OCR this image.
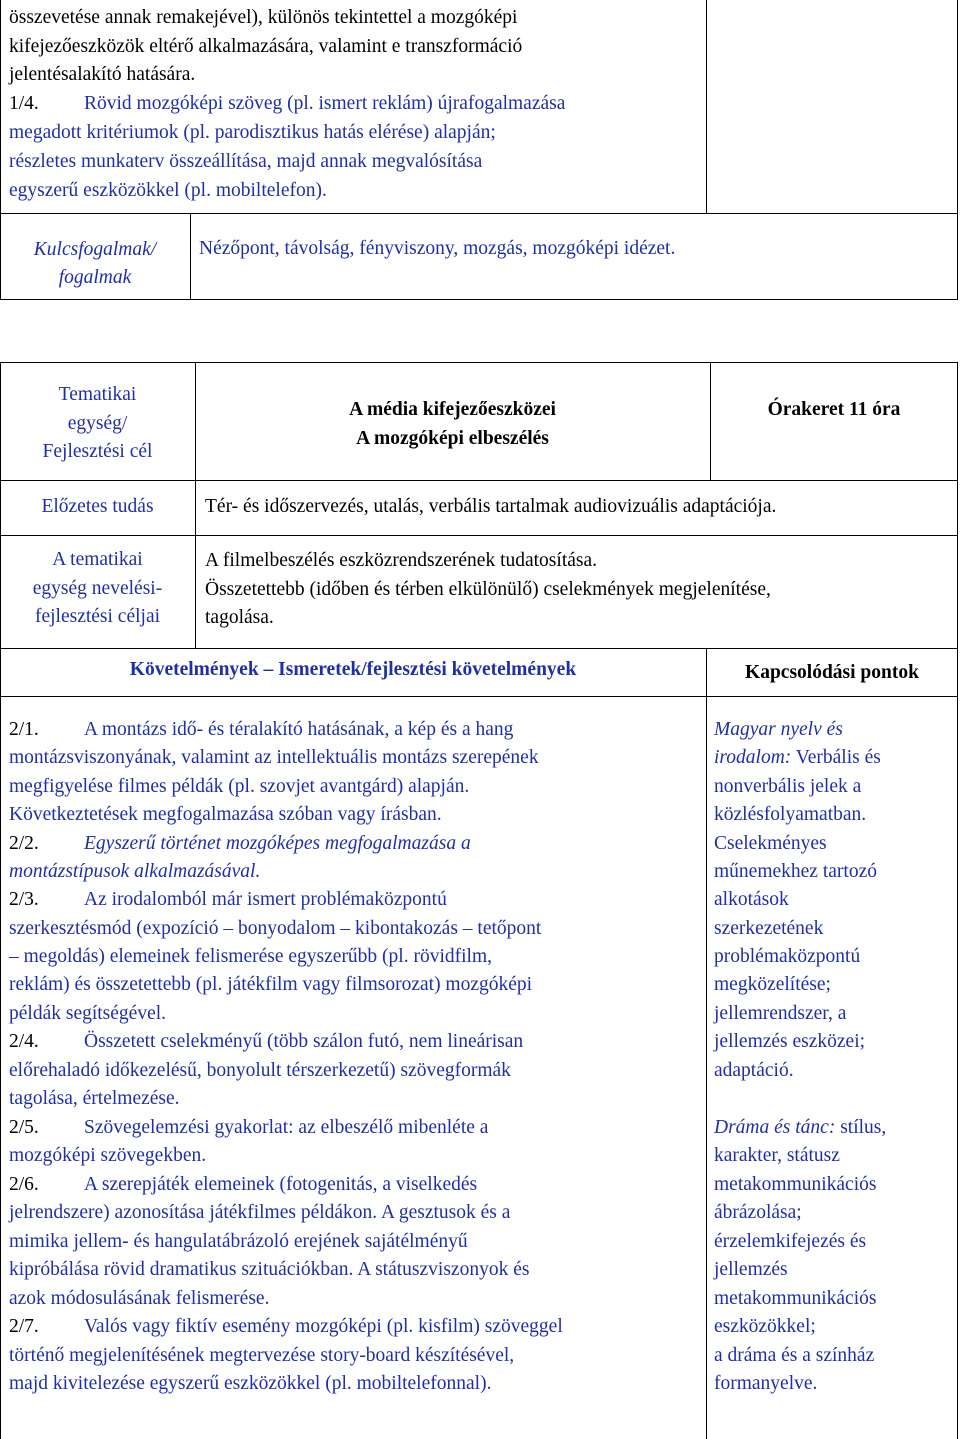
összevetése annak remakejével), különös tekintettel a mozgóképi
kifejezőeszközök eltérő alkalmazására, valamint e transzformáció
jelentésalakító hatására.
1/4. Rövid mozgóképi szöveg (pl. ismert reklám) újrafogalmazása
megadott kritériumok (pl. parodisztikus hatás elérése) alapján;
részletes munkaterv összeállítása, majd annak megvalósítása
egyszerű eszközökkel (pl. mobiltelefon).
Kulcsfogalmak/
fogalmak
Nézőpont, távolság, fényviszony, mozgás, mozgóképi idézet.
Tematikai
egység/
Fejlesztési cél
A média kifejezőeszközei
A mozgóképi elbeszélés
Órakeret 11 óra
Előzetes tudás	Tér- és időszervezés, utalás, verbális tartalmak audiovizuális adaptációja.
A tematikai
egység nevelési-
fejlesztési céljai
A filmelbeszélés eszközrendszerének tudatosítása.
Összetettebb (időben és térben elkülönülő) cselekmények megjelenítése,
tagolása.
Követelmények – Ismeretek/fejlesztési követelmények	Kapcsolódási pontok
2/1. A montázs idő- és téralakító hatásának, a kép és a hang
montázsviszonyának, valamint az intellektuális montázs szerepének
megfigyelése filmes példák (pl. szovjet avantgárd) alapján.
Következtetések megfogalmazása szóban vagy írásban.
2/2. Egyszerű történet mozgóképes megfogalmazása a
montázstípusok alkalmazásával.
2/3. Az irodalomból már ismert problémaközpontú
szerkesztésmód (expozíció – bonyodalom – kibontakozás – tetőpont
– megoldás) elemeinek felismerése egyszerűbb (pl. rövidfilm,
reklám) és összetettebb (pl. játékfilm vagy filmsorozat) mozgóképi
példák segítségével.
2/4. Összetett cselekményű (több szálon futó, nem lineárisan
előrehaladó időkezelésű, bonyolult térszerkezetű) szövegformák
tagolása, értelmezése.
2/5. Szövegelemzési gyakorlat: az elbeszélő mibenléte a
mozgóképi szövegekben.
2/6. A szerepjáték elemeinek (fotogenitás, a viselkedés
jelrendszere) azonosítása játékfilmes példákon. A gesztusok és a
mimika jellem- és hangulatábrázoló erejének sajátélményű
kipróbálása rövid dramatikus szituációkban. A státuszviszonyok és
azok módosulásának felismerése.
2/7. Valós vagy fiktív esemény mozgóképi (pl. kisfilm) szöveggel
történő megjelenítésének megtervezése story-board készítésével,
majd kivitelezése egyszerű eszközökkel (pl. mobiltelefonnal).
Magyar nyelv és
irodalom: Verbális és
nonverbális jelek a
közlésfolyamatban.
Cselekményes
műnemekhez tartozó
alkotások
szerkezetének
problémaközpontú
megközelítése;
jellemrendszer, a
jellemzés eszközei;
adaptáció.
Dráma és tánc: stílus,
karakter, státusz
metakommunikációs
ábrázolása;
érzelemkifejezés és
jellemzés
metakommunikációs
eszközökkel;
a dráma és a színház
formanyelve.
